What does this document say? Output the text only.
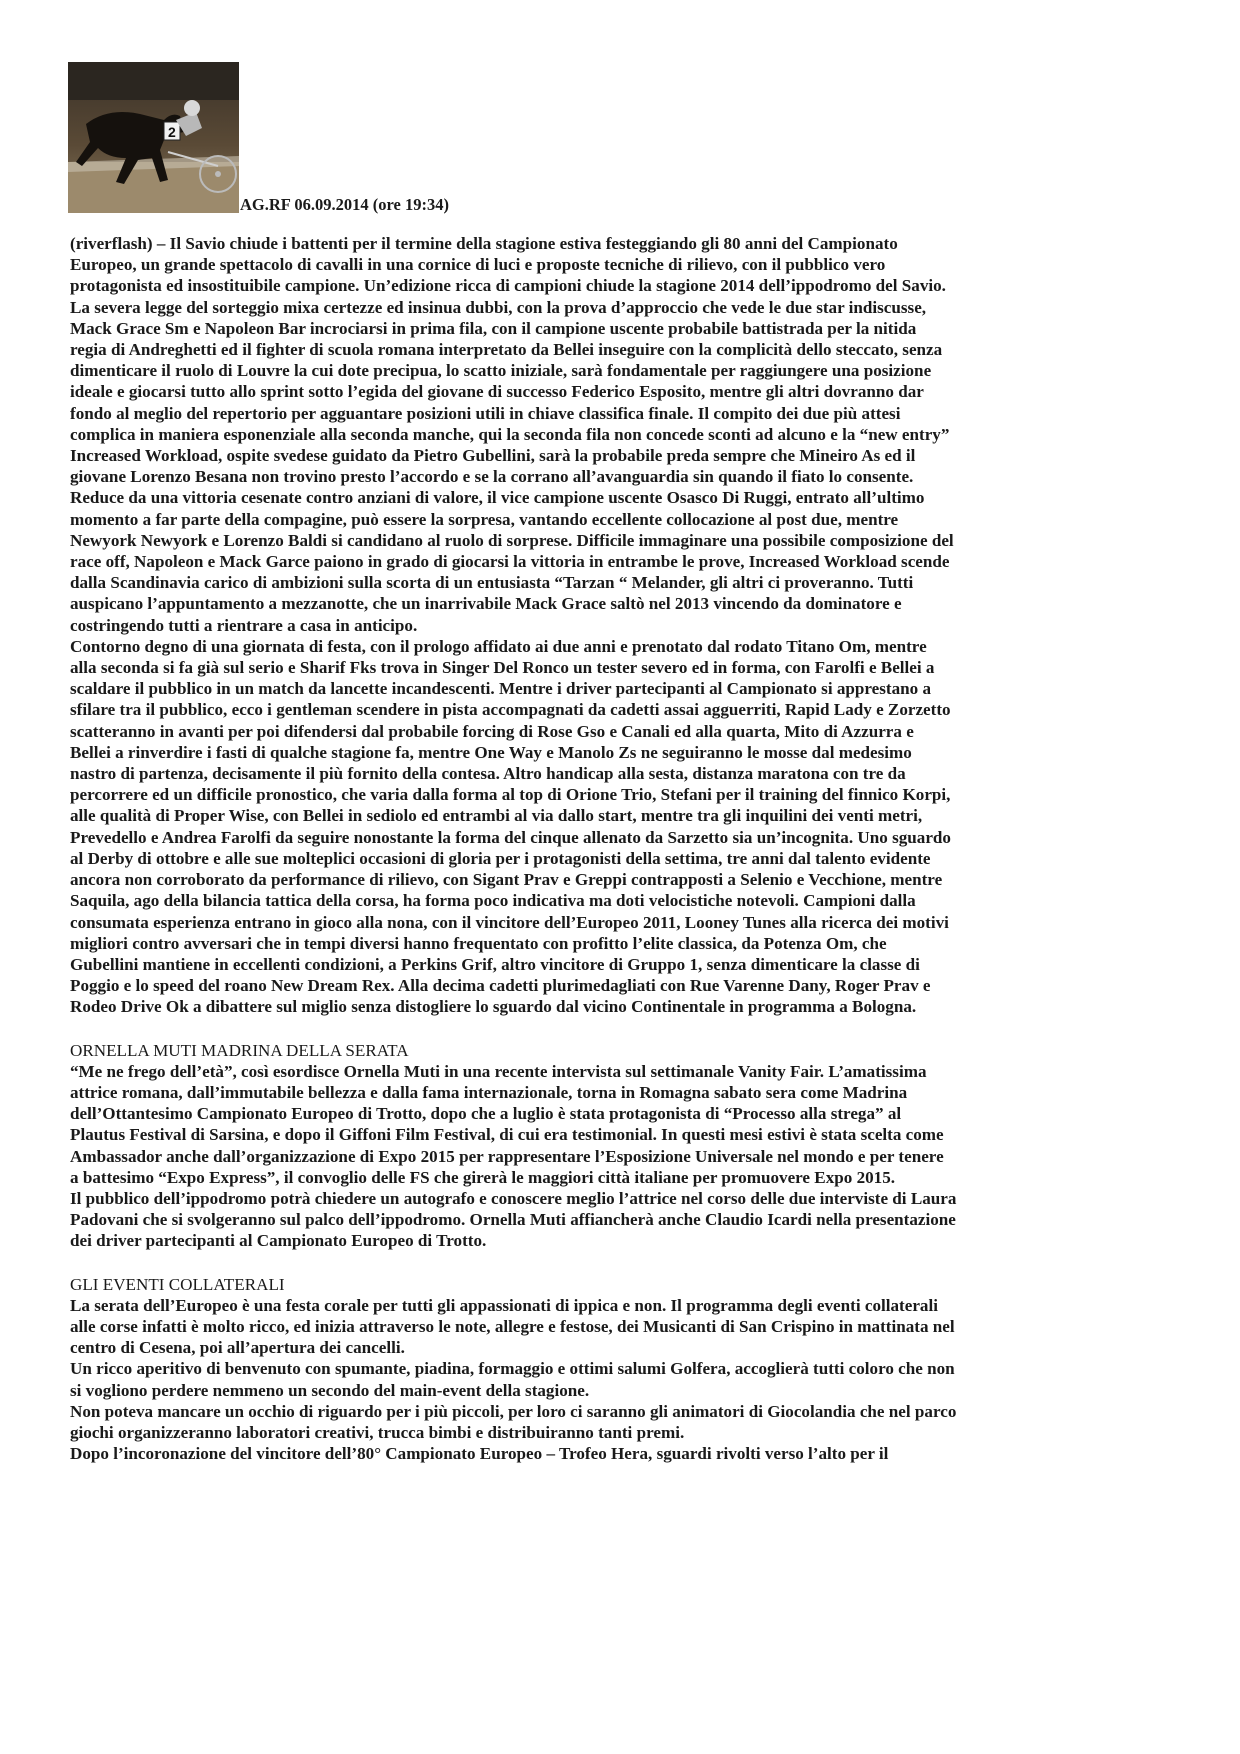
2
AG.RF 06.09.2014 (ore 19:34)

(riverflash) – Il Savio chiude i battenti per il termine della stagione estiva festeggiando gli 80 anni del Campionato
Europeo, un grande spettacolo di cavalli in una cornice di luci e proposte tecniche di rilievo, con il pubblico vero
protagonista ed insostituibile campione. Un’edizione ricca di campioni chiude la stagione 2014 dell’ippodromo del Savio.
La severa legge del sorteggio mixa certezze ed insinua dubbi, con la prova d’approccio che vede le due star indiscusse,
Mack Grace Sm e Napoleon Bar incrociarsi in prima fila, con il campione uscente probabile battistrada per la nitida
regia di Andreghetti ed il fighter di scuola romana interpretato da Bellei inseguire con la complicità dello steccato, senza
dimenticare il ruolo di Louvre la cui dote precipua, lo scatto iniziale, sarà fondamentale per raggiungere una posizione
ideale e giocarsi tutto allo sprint sotto l’egida del giovane di successo Federico Esposito, mentre gli altri dovranno dar
fondo al meglio del repertorio per agguantare posizioni utili in chiave classifica finale. Il compito dei due più attesi
complica in maniera esponenziale alla seconda manche, qui la seconda fila non concede sconti ad alcuno e la “new entry”
Increased Workload, ospite svedese guidato da Pietro Gubellini, sarà la probabile preda sempre che Mineiro As ed il
giovane Lorenzo Besana non trovino presto l’accordo e se la corrano all’avanguardia sin quando il fiato lo consente.
Reduce da una vittoria cesenate contro anziani di valore, il vice campione uscente Osasco Di Ruggi, entrato all’ultimo
momento a far parte della compagine, può essere la sorpresa, vantando eccellente collocazione al post due, mentre
Newyork Newyork e Lorenzo Baldi si candidano al ruolo di sorprese. Difficile immaginare una possibile composizione del
race off, Napoleon e Mack Garce paiono in grado di giocarsi la vittoria in entrambe le prove, Increased Workload scende
dalla Scandinavia carico di ambizioni sulla scorta di un entusiasta “Tarzan “ Melander, gli altri ci proveranno. Tutti
auspicano l’appuntamento a mezzanotte, che un inarrivabile Mack Grace saltò nel 2013 vincendo da dominatore e
costringendo tutti a rientrare a casa in anticipo.
Contorno degno di una giornata di festa, con il prologo affidato ai due anni e prenotato dal rodato Titano Om, mentre
alla seconda si fa già sul serio e Sharif Fks trova in Singer Del Ronco un tester severo ed in forma, con Farolfi e Bellei a
scaldare il pubblico in un match da lancette incandescenti. Mentre i driver partecipanti al Campionato si apprestano a
sfilare tra il pubblico, ecco i gentleman scendere in pista accompagnati da cadetti assai agguerriti, Rapid Lady e Zorzetto
scatteranno in avanti per poi difendersi dal probabile forcing di Rose Gso e Canali ed alla quarta, Mito di Azzurra e
Bellei a rinverdire i fasti di qualche stagione fa, mentre One Way e Manolo Zs ne seguiranno le mosse dal medesimo
nastro di partenza, decisamente il più fornito della contesa. Altro handicap alla sesta, distanza maratona con tre da
percorrere ed un difficile pronostico, che varia dalla forma al top di Orione Trio, Stefani per il training del finnico Korpi,
alle qualità di Proper Wise, con Bellei in sediolo ed entrambi al via dallo start, mentre tra gli inquilini dei venti metri,
Prevedello e Andrea Farolfi da seguire nonostante la forma del cinque allenato da Sarzetto sia un’incognita. Uno sguardo
al Derby di ottobre e alle sue molteplici occasioni di gloria per i protagonisti della settima, tre anni dal talento evidente
ancora non corroborato da performance di rilievo, con Sigant Prav e Greppi contrapposti a Selenio e Vecchione, mentre
Saquila, ago della bilancia tattica della corsa, ha forma poco indicativa ma doti velocistiche notevoli. Campioni dalla
consumata esperienza entrano in gioco alla nona, con il vincitore dell’Europeo 2011, Looney Tunes alla ricerca dei motivi
migliori contro avversari che in tempi diversi hanno frequentato con profitto l’elite classica, da Potenza Om, che
Gubellini mantiene in eccellenti condizioni, a Perkins Grif, altro vincitore di Gruppo 1, senza dimenticare la classe di
Poggio e lo speed del roano New Dream Rex. Alla decima cadetti plurimedagliati con Rue Varenne Dany, Roger Prav e
Rodeo Drive Ok a dibattere sul miglio senza distogliere lo sguardo dal vicino Continentale in programma a Bologna.

ORNELLA MUTI MADRINA DELLA SERATA

“Me ne frego dell’età”, così esordisce Ornella Muti in una recente intervista sul settimanale Vanity Fair. L’amatissima
attrice romana, dall’immutabile bellezza e dalla fama internazionale, torna in Romagna sabato sera come Madrina
dell’Ottantesimo Campionato Europeo di Trotto, dopo che a luglio è stata protagonista di “Processo alla strega” al
Plautus Festival di Sarsina, e dopo il Giffoni Film Festival, di cui era testimonial. In questi mesi estivi è stata scelta come
Ambassador anche dall’organizzazione di Expo 2015 per rappresentare l’Esposizione Universale nel mondo e per tenere
a battesimo “Expo Express”, il convoglio delle FS che girerà le maggiori città italiane per promuovere Expo 2015.
Il pubblico dell’ippodromo potrà chiedere un autografo e conoscere meglio l’attrice nel corso delle due interviste di Laura
Padovani che si svolgeranno sul palco dell’ippodromo. Ornella Muti affiancherà anche Claudio Icardi nella presentazione
dei driver partecipanti al Campionato Europeo di Trotto.

GLI EVENTI COLLATERALI

La serata dell’Europeo è una festa corale per tutti gli appassionati di ippica e non. Il programma degli eventi collaterali
alle corse infatti è molto ricco, ed inizia attraverso le note, allegre e festose, dei Musicanti di San Crispino in mattinata nel
centro di Cesena, poi all’apertura dei cancelli.
Un ricco aperitivo di benvenuto con spumante, piadina, formaggio e ottimi salumi Golfera, accoglierà tutti coloro che non
si vogliono perdere nemmeno un secondo del main-event della stagione.
Non poteva mancare un occhio di riguardo per i più piccoli, per loro ci saranno gli animatori di Giocolandia che nel parco
giochi organizzeranno laboratori creativi, trucca bimbi e distribuiranno tanti premi.
Dopo l’incoronazione del vincitore dell’80° Campionato Europeo – Trofeo Hera, sguardi rivolti verso l’alto per il
